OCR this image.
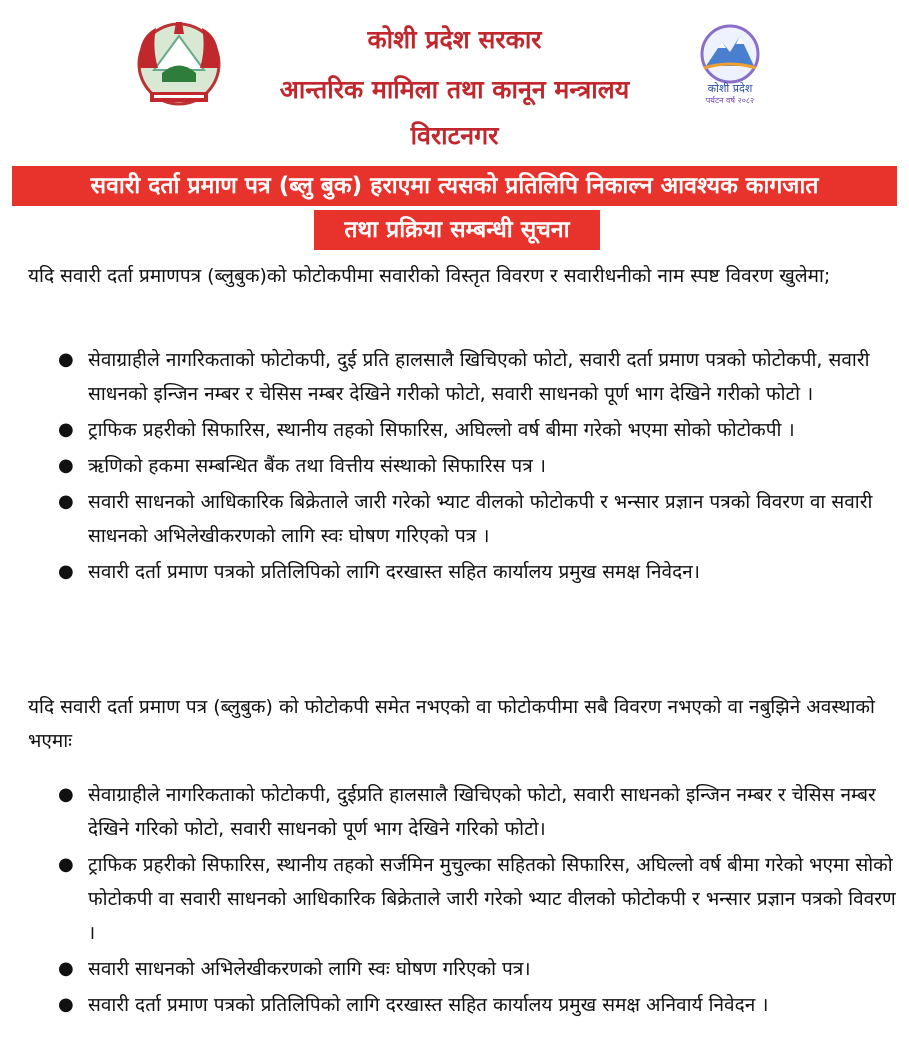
कोशी प्रदेश
पर्यटन वर्ष २०८२
कोशी प्रदेश सरकार
आन्तरिक मामिला तथा कानून मन्त्रालय
विराटनगर
सवारी दर्ता प्रमाण पत्र (ब्लु बुक) हराएमा त्यसको प्रतिलिपि निकाल्न आवश्यक कागजात
तथा प्रक्रिया सम्बन्धी सूचना
यदि सवारी दर्ता प्रमाणपत्र (ब्लुबुक)को फोटोकपीमा सवारीको विस्तृत विवरण र सवारीधनीको नाम स्पष्ट विवरण खुलेमा;
● सेवाग्राहीले नागरिकताको फोटोकपी, दुई प्रति हालसालै खिचिएको फोटो, सवारी दर्ता प्रमाण पत्रको फोटोकपी, सवारी साधनको इन्जिन नम्बर र चेसिस नम्बर देखिने गरीको फोटो, सवारी साधनको पूर्ण भाग देखिने गरीको फोटो ।
● ट्राफिक प्रहरीको सिफारिस, स्थानीय तहको सिफारिस, अघिल्लो वर्ष बीमा गरेको भएमा सोको फोटोकपी ।
● ऋणिको हकमा सम्बन्धित बैंक तथा वित्तीय संस्थाको सिफारिस पत्र ।
● सवारी साधनको आधिकारिक बिक्रेताले जारी गरेको भ्याट वीलको फोटोकपी र भन्सार प्रज्ञान पत्रको विवरण वा सवारी साधनको अभिलेखीकरणको लागि स्वः घोषण गरिएको पत्र ।
● सवारी दर्ता प्रमाण पत्रको प्रतिलिपिको लागि दरखास्त सहित कार्यालय प्रमुख समक्ष निवेदन।
यदि सवारी दर्ता प्रमाण पत्र (ब्लुबुक) को फोटोकपी समेत नभएको वा फोटोकपीमा सबै विवरण नभएको वा नबुझिने अवस्थाको भएमाः
● सेवाग्राहीले नागरिकताको फोटोकपी, दुईप्रति हालसालै खिचिएको फोटो, सवारी साधनको इन्जिन नम्बर र चेसिस नम्बर देखिने गरिको फोटो, सवारी साधनको पूर्ण भाग देखिने गरिको फोटो।
● ट्राफिक प्रहरीको सिफारिस, स्थानीय तहको सर्जमिन मुचुल्का सहितको सिफारिस, अघिल्लो वर्ष बीमा गरेको भएमा सोको फोटोकपी वा सवारी साधनको आधिकारिक बिक्रेताले जारी गरेको भ्याट वीलको फोटोकपी र भन्सार प्रज्ञान पत्रको विवरण ।
● सवारी साधनको अभिलेखीकरणको लागि स्वः घोषण गरिएको पत्र।
● सवारी दर्ता प्रमाण पत्रको प्रतिलिपिको लागि दरखास्त सहित कार्यालय प्रमुख समक्ष अनिवार्य निवेदन ।
